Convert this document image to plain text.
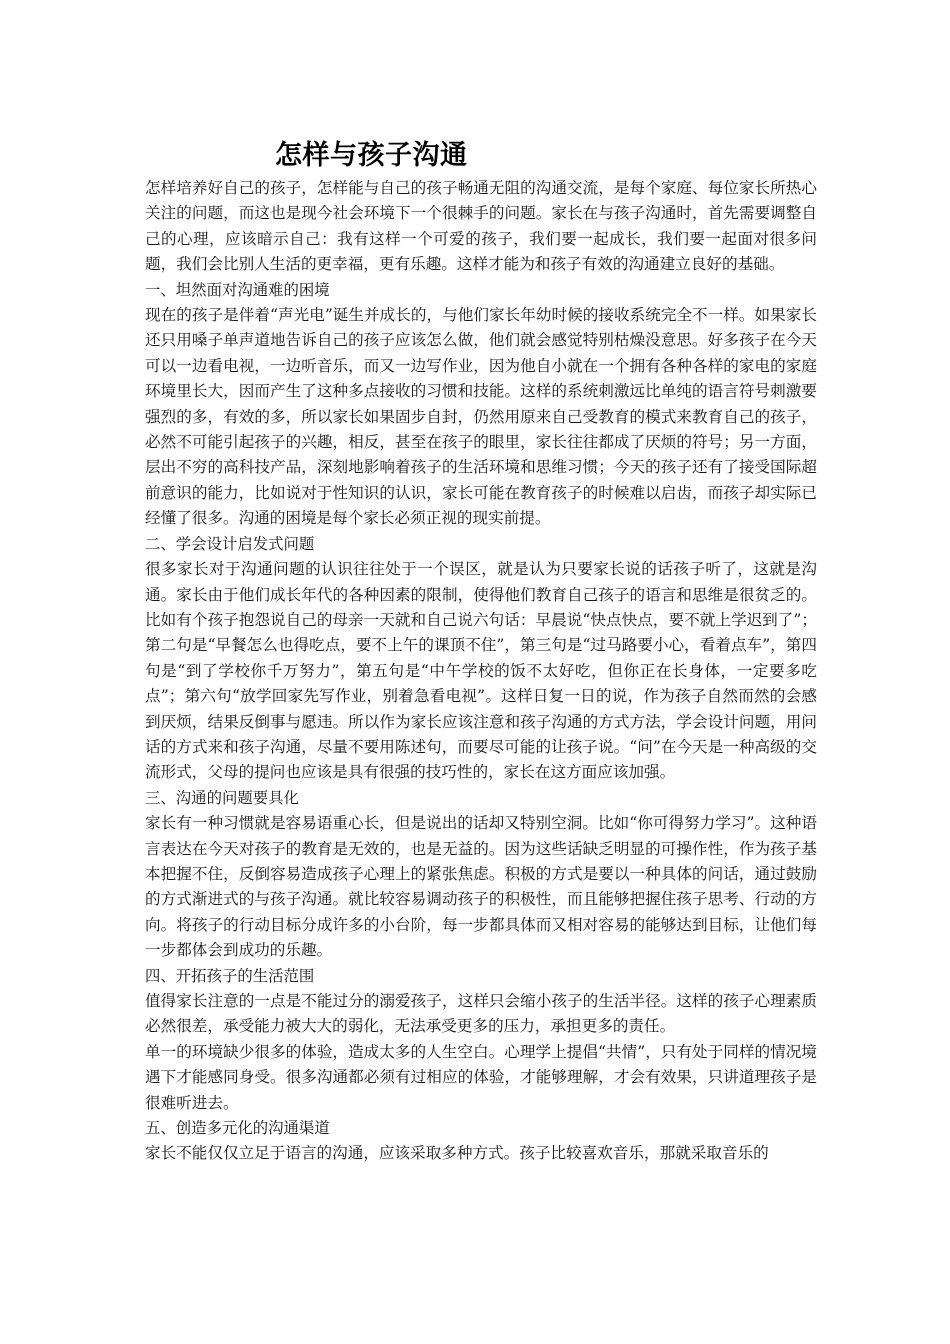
怎样与孩子沟通

怎样培养好自己的孩子，怎样能与自己的孩子畅通无阻的沟通交流，是每个家庭、每位家长所热心关注的问题，而这也是现今社会环境下一个很棘手的问题。家长在与孩子沟通时，首先需要调整自己的心理，应该暗示自己：我有这样一个可爱的孩子，我们要一起成长，我们要一起面对很多问题，我们会比别人生活的更幸福，更有乐趣。这样才能为和孩子有效的沟通建立良好的基础。

一、坦然面对沟通难的困境

现在的孩子是伴着“声光电”诞生并成长的，与他们家长年幼时候的接收系统完全不一样。如果家长还只用嗓子单声道地告诉自己的孩子应该怎么做，他们就会感觉特别枯燥没意思。好多孩子在今天可以一边看电视，一边听音乐，而又一边写作业，因为他自小就在一个拥有各种各样的家电的家庭环境里长大，因而产生了这种多点接收的习惯和技能。这样的系统刺激远比单纯的语言符号刺激要强烈的多，有效的多，所以家长如果固步自封，仍然用原来自己受教育的模式来教育自己的孩子，必然不可能引起孩子的兴趣，相反，甚至在孩子的眼里，家长往往都成了厌烦的符号；另一方面，层出不穷的高科技产品，深刻地影响着孩子的生活环境和思维习惯；今天的孩子还有了接受国际超前意识的能力，比如说对于性知识的认识，家长可能在教育孩子的时候难以启齿，而孩子却实际已经懂了很多。沟通的困境是每个家长必须正视的现实前提。

二、学会设计启发式问题

很多家长对于沟通问题的认识往往处于一个误区，就是认为只要家长说的话孩子听了，这就是沟通。家长由于他们成长年代的各种因素的限制，使得他们教育自己孩子的语言和思维是很贫乏的。比如有个孩子抱怨说自己的母亲一天就和自己说六句话：早晨说“快点快点，要不就上学迟到了”；第二句是“早餐怎么也得吃点，要不上午的课顶不住”，第三句是“过马路要小心，看着点车”，第四句是“到了学校你千万努力”，第五句是“中午学校的饭不太好吃，但你正在长身体，一定要多吃点”；第六句“放学回家先写作业，别着急看电视”。这样日复一日的说，作为孩子自然而然的会感到厌烦，结果反倒事与愿违。所以作为家长应该注意和孩子沟通的方式方法，学会设计问题，用问话的方式来和孩子沟通，尽量不要用陈述句，而要尽可能的让孩子说。“问”在今天是一种高级的交流形式，父母的提问也应该是具有很强的技巧性的，家长在这方面应该加强。

三、沟通的问题要具化

家长有一种习惯就是容易语重心长，但是说出的话却又特别空洞。比如“你可得努力学习”。这种语言表达在今天对孩子的教育是无效的，也是无益的。因为这些话缺乏明显的可操作性，作为孩子基本把握不住，反倒容易造成孩子心理上的紧张焦虑。积极的方式是要以一种具体的问话，通过鼓励的方式渐进式的与孩子沟通。就比较容易调动孩子的积极性，而且能够把握住孩子思考、行动的方向。将孩子的行动目标分成许多的小台阶，每一步都具体而又相对容易的能够达到目标，让他们每一步都体会到成功的乐趣。

四、开拓孩子的生活范围

值得家长注意的一点是不能过分的溺爱孩子，这样只会缩小孩子的生活半径。这样的孩子心理素质必然很差，承受能力被大大的弱化，无法承受更多的压力，承担更多的责任。

单一的环境缺少很多的体验，造成太多的人生空白。心理学上提倡“共情”，只有处于同样的情况境遇下才能感同身受。很多沟通都必须有过相应的体验，才能够理解，才会有效果，只讲道理孩子是很难听进去。

五、创造多元化的沟通渠道

家长不能仅仅立足于语言的沟通，应该采取多种方式。孩子比较喜欢音乐，那就采取音乐的
